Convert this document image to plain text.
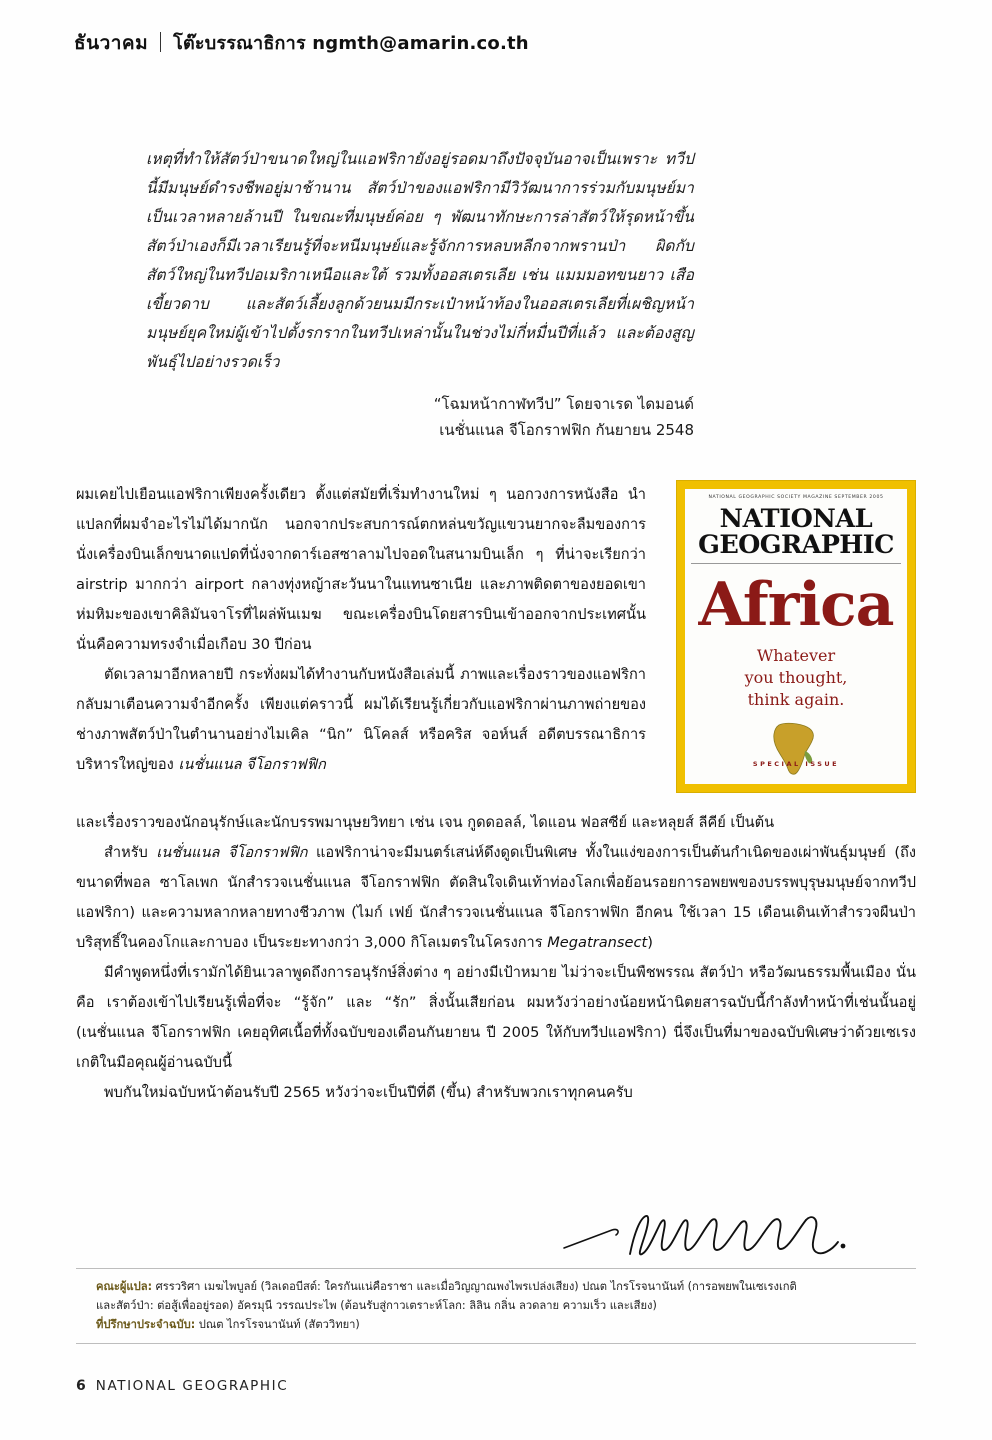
ธันวาคม โต๊ะบรรณาธิการ ngmth@amarin.co.th
เหตุที่ทำให้สัตว์ป่าขนาดใหญ่ในแอฟริกายังอยู่รอดมาถึงปัจจุบันอาจเป็นเพราะ ทวีปนี้มีมนุษย์ดำรงชีพอยู่มาช้านาน สัตว์ป่าของแอฟริกามีวิวัฒนาการร่วมกับมนุษย์มาเป็นเวลาหลายล้านปี ในขณะที่มนุษย์ค่อย ๆ พัฒนาทักษะการล่าสัตว์ให้รุดหน้าขึ้น สัตว์ป่าเองก็มีเวลาเรียนรู้ที่จะหนีมนุษย์และรู้จักการหลบหลีกจากพรานป่า ผิดกับสัตว์ใหญ่ในทวีปอเมริกาเหนือและใต้ รวมทั้งออสเตรเลีย เช่น แมมมอทขนยาว เสือเขี้ยวดาบ และสัตว์เลี้ยงลูกด้วยนมมีกระเป๋าหน้าท้องในออสเตรเลียที่เผชิญหน้ามนุษย์ยุคใหม่ผู้เข้าไปตั้งรกรากในทวีปเหล่านั้นในช่วงไม่กี่หมื่นปีที่แล้ว และต้องสูญพันธุ์ไปอย่างรวดเร็ว
“โฉมหน้ากาฬทวีป” โดยจาเรด ไดมอนด์
เนชั่นแนล จีโอกราฟฟิก กันยายน 2548

ผมเคยไปเยือนแอฟริกาเพียงครั้งเดียว ตั้งแต่สมัยที่เริ่มทำงานใหม่ ๆ นอกวงการหนังสือ นำแปลกที่ผมจำอะไรไม่ได้มากนัก นอกจากประสบการณ์ตกหล่นขวัญแขวนยากจะลืมของการนั่งเครื่องบินเล็กขนาดแปดที่นั่งจากดาร์เอสซาลามไปจอดในสนามบินเล็ก ๆ ที่น่าจะเรียกว่า airstrip มากกว่า airport กลางทุ่งหญ้าสะวันนาในแทนซาเนีย และภาพติดตาของยอดเขาห่มหิมะของเขาคิลิมันจาโรที่ไผล่พ้นเมฆ ขณะเครื่องบินโดยสารบินเข้าออกจากประเทศนั้น นั่นคือความทรงจำเมื่อเกือบ 30 ปีก่อน

ตัดเวลามาอีกหลายปี กระทั่งผมได้ทำงานกับหนังสือเล่มนี้ ภาพและเรื่องราวของแอฟริกากลับมาเตือนความจำอีกครั้ง เพียงแต่คราวนี้ ผมได้เรียนรู้เกี่ยวกับแอฟริกาผ่านภาพถ่ายของช่างภาพสัตว์ป่าในตำนานอย่างไมเคิล “นิก” นิโคลส์ หรือคริส จอห์นส์ อดีตบรรณาธิการบริหารใหญ่ของ เนชั่นแนล จีโอกราฟฟิก

และเรื่องราวของนักอนุรักษ์และนักบรรพมานุษยวิทยา เช่น เจน กูดดอลล์, ไดแอน ฟอสซีย์ และหลุยส์ ลีคีย์ เป็นต้น

สำหรับ เนชั่นแนล จีโอกราฟฟิก แอฟริกาน่าจะมีมนตร์เสน่ห์ดึงดูดเป็นพิเศษ ทั้งในแง่ของการเป็นต้นกำเนิดของเผ่าพันธุ์มนุษย์ (ถึงขนาดที่พอล ซาโลเพก นักสำรวจเนชั่นแนล จีโอกราฟฟิก ตัดสินใจเดินเท้าท่องโลกเพื่อย้อนรอยการอพยพของบรรพบุรุษมนุษย์จากทวีปแอฟริกา) และความหลากหลายทางชีวภาพ (ไมก์ เฟย์ นักสำรวจเนชั่นแนล จีโอกราฟฟิก อีกคน ใช้เวลา 15 เดือนเดินเท้าสำรวจผืนป่าบริสุทธิ์ในคองโกและกาบอง เป็นระยะทางกว่า 3,000 กิโลเมตรในโครงการ Megatransect)

มีคำพูดหนึ่งที่เรามักได้ยินเวลาพูดถึงการอนุรักษ์สิ่งต่าง ๆ อย่างมีเป้าหมาย ไม่ว่าจะเป็นพืชพรรณ สัตว์ป่า หรือวัฒนธรรมพื้นเมือง นั่นคือ เราต้องเข้าไปเรียนรู้เพื่อที่จะ “รู้จัก” และ “รัก” สิ่งนั้นเสียก่อน ผมหวังว่าอย่างน้อยหน้านิตยสารฉบับนี้กำลังทำหน้าที่เช่นนั้นอยู่ (เนชั่นแนล จีโอกราฟฟิก เคยอุทิศเนื้อที่ทั้งฉบับของเดือนกันยายน ปี 2005 ให้กับทวีปแอฟริกา) นี่จึงเป็นที่มาของฉบับพิเศษว่าด้วยเซเรงเกติในมือคุณผู้อ่านฉบับนี้

พบกันใหม่ฉบับหน้าต้อนรับปี 2565 หวังว่าจะเป็นปีที่ดี (ขึ้น) สำหรับพวกเราทุกคนครับ

NATIONAL GEOGRAPHIC SOCIETY MAGAZINE SEPTEMBER 2005
NATIONAL
GEOGRAPHIC
Africa
Whatever
you thought,
think again.
SPECIAL ISSUE

คณะผู้แปล: ศรรวริศา เมฆไพบูลย์ (วิลเดอบีสต์: ใครกันแน่คือราชา และเมื่อวิญญาณพงไพรเปล่งเสียง) ปณต ไกรโรจนานันท์ (การอพยพในเซเรงเกติ

และสัตว์ป่า: ต่อสู้เพื่ออยู่รอด) อัครมุนี วรรณประไพ (ต้อนรับสู่กาวเตราะห์โลก: ลิลิน กลิ่น ลวดลาย ความเร็ว และเสียง)

ที่ปรึกษาประจำฉบับ: ปณต ไกรโรจนานันท์ (สัตววิทยา)

6 NATIONAL GEOGRAPHIC
